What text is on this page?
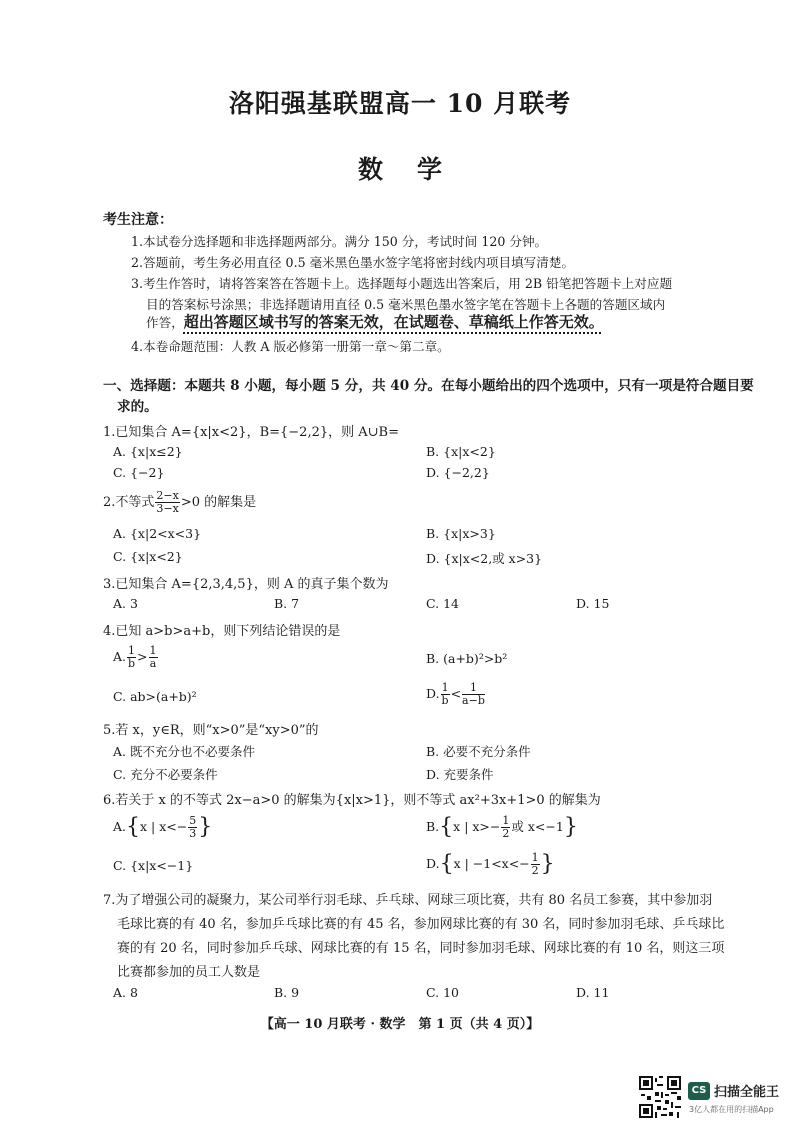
洛阳强基联盟高一 10 月联考
数学
考生注意：
1.本试卷分选择题和非选择题两部分。满分 150 分，考试时间 120 分钟。
2.答题前，考生务必用直径 0.5 毫米黑色墨水签字笔将密封线内项目填写清楚。
3.考生作答时，请将答案答在答题卡上。选择题每小题选出答案后，用 2B 铅笔把答题卡上对应题
目的答案标号涂黑；非选择题请用直径 0.5 毫米黑色墨水签字笔在答题卡上各题的答题区域内
作答，超出答题区域书写的答案无效，在试题卷、草稿纸上作答无效。
4.本卷命题范围：人教 A 版必修第一册第一章～第二章。
一、选择题：本题共 8 小题，每小题 5 分，共 40 分。在每小题给出的四个选项中，只有一项是符合题目要
求的。
1.已知集合 A={x|x<2}，B={−2,2}，则 A∪B=
A. {x|x≤2}	B. {x|x<2}
C. {−2}	D. {−2,2}
2.不等式 $\frac{2-x}{3-x} >0$ 的解集是
A. {x|2<x<3}	B. {x|x>3}
C. {x|x<2}	D. {x|x<2,或 x>3}
3.已知集合 A={2,3,4,5}，则 A 的真子集个数为
A. 3	B. 7	C. 14	D. 15
4.已知 a>b>a+b，则下列结论错误的是
A. $\frac{1}{b} > \frac{1}{a}$	B. (a+b)²>b²
C. ab>(a+b)²	D. $\frac{1}{b} < \frac{1}{a-b}$
5.若 x，y∈R，则“x>0”是“xy>0”的
A. 既不充分也不必要条件	B. 必要不充分条件
C. 充分不必要条件	D. 充要条件
6.若关于 x 的不等式 2x−a>0 的解集为{x|x>1}，则不等式 ax²+3x+1>0 的解集为
A.{x | $x<- \frac{5}{3}$ }	B.{x | $x>- \frac{1}{2}$ 或 x<−1}
C. {x|x<−1}	D.{x | $-1<x<- \frac{1}{2}$ }
7.为了增强公司的凝聚力，某公司举行羽毛球、乒乓球、网球三项比赛，共有 80 名员工参赛，其中参加羽
毛球比赛的有 40 名，参加乒乓球比赛的有 45 名，参加网球比赛的有 30 名，同时参加羽毛球、乒乓球比
赛的有 20 名，同时参加乒乓球、网球比赛的有 15 名，同时参加羽毛球、网球比赛的有 10 名，则这三项
比赛都参加的员工人数是
A. 8	B. 9	C. 10	D. 11
【高一 10 月联考 · 数学　第 1 页（共 4 页）】
CS 扫描全能王
3亿人都在用的扫描App
